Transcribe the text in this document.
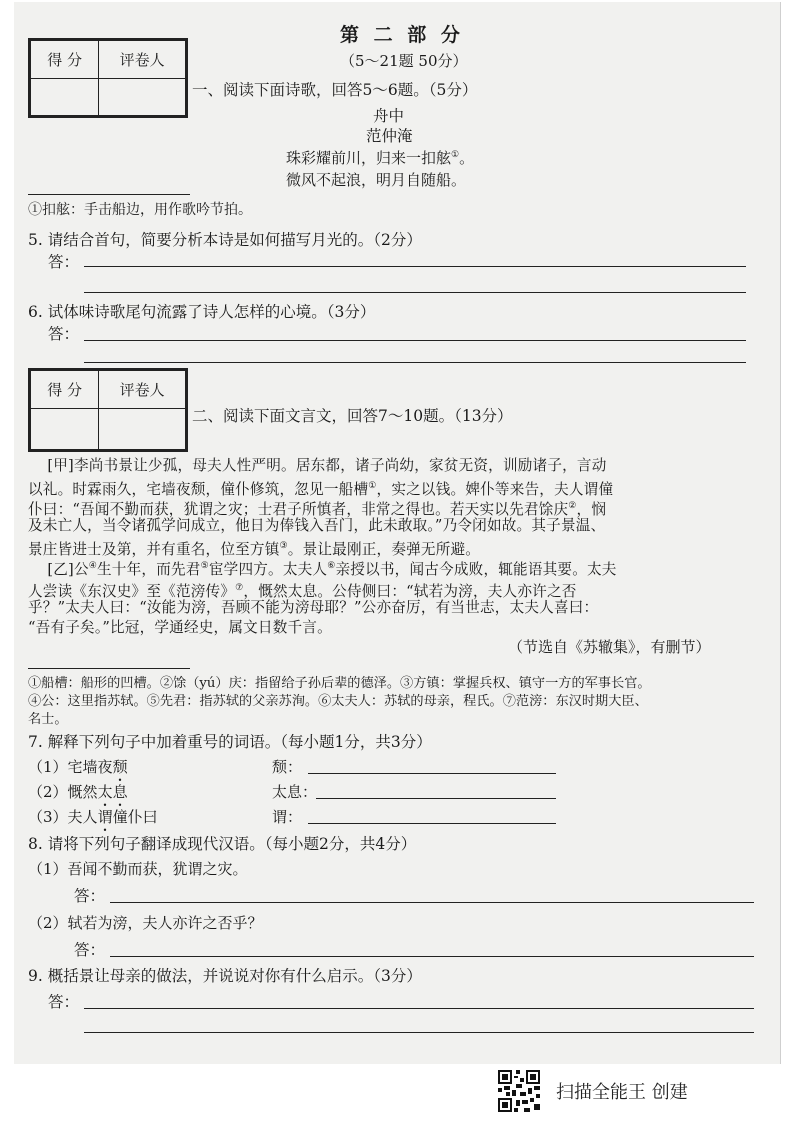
第 二 部 分
（5～21题 50分）
得 分	评卷人

一、阅读下面诗歌，回答5～6题。（5分）
舟中
范仲淹
珠彩耀前川，归来一扣舷①。
微风不起浪，明月自随船。
①扣舷：手击船边，用作歌吟节拍。
5. 请结合首句，简要分析本诗是如何描写月光的。（2分）
答：
6. 试体味诗歌尾句流露了诗人怎样的心境。（3分）
答：
得 分	评卷人

二、阅读下面文言文，回答7～10题。（13分）
[甲]李尚书景让少孤，母夫人性严明。居东都，诸子尚幼，家贫无资，训励诸子，言动
以礼。时霖雨久，宅墙夜颓，僮仆修筑，忽见一船槽①，实之以钱。婢仆等来告，夫人谓僮
仆曰：“吾闻不勤而获，犹谓之灾；士君子所慎者，非常之得也。若天实以先君馀庆②，悯
及未亡人，当令诸孤学问成立，他日为俸钱入吾门，此未敢取。”乃令闭如故。其子景温、
景庄皆进士及第，并有重名，位至方镇③。景让最刚正，奏弹无所避。
[乙]公④生十年，而先君⑤宦学四方。太夫人⑥亲授以书，闻古今成败，辄能语其要。太夫
人尝读《东汉史》至《范滂传》⑦，慨然太息。公侍侧曰：“轼若为滂，夫人亦许之否
乎？”太夫人曰：“汝能为滂，吾顾不能为滂母耶？”公亦奋厉，有当世志，太夫人喜曰：
“吾有子矣。”比冠，学通经史，属文日数千言。
（节选自《苏辙集》，有删节）
①船槽：船形的凹槽。②馀（yú）庆：指留给子孙后辈的德泽。③方镇：掌握兵权、镇守一方的军事长官。
④公：这里指苏轼。⑤先君：指苏轼的父亲苏洵。⑥太夫人：苏轼的母亲，程氏。⑦范滂：东汉时期大臣、
名士。
7. 解释下列句子中加着重号的词语。（每小题1分，共3分）
（1）宅墙夜颓	颓：
（2）慨然太息	太息：
（3）夫人谓僮仆曰	谓：
8. 请将下列句子翻译成现代汉语。（每小题2分，共4分）
（1）吾闻不勤而获，犹谓之灾。
答：
（2）轼若为滂，夫人亦许之否乎？
答：
9. 概括景让母亲的做法，并说说对你有什么启示。（3分）
答：
扫描全能王 创建
